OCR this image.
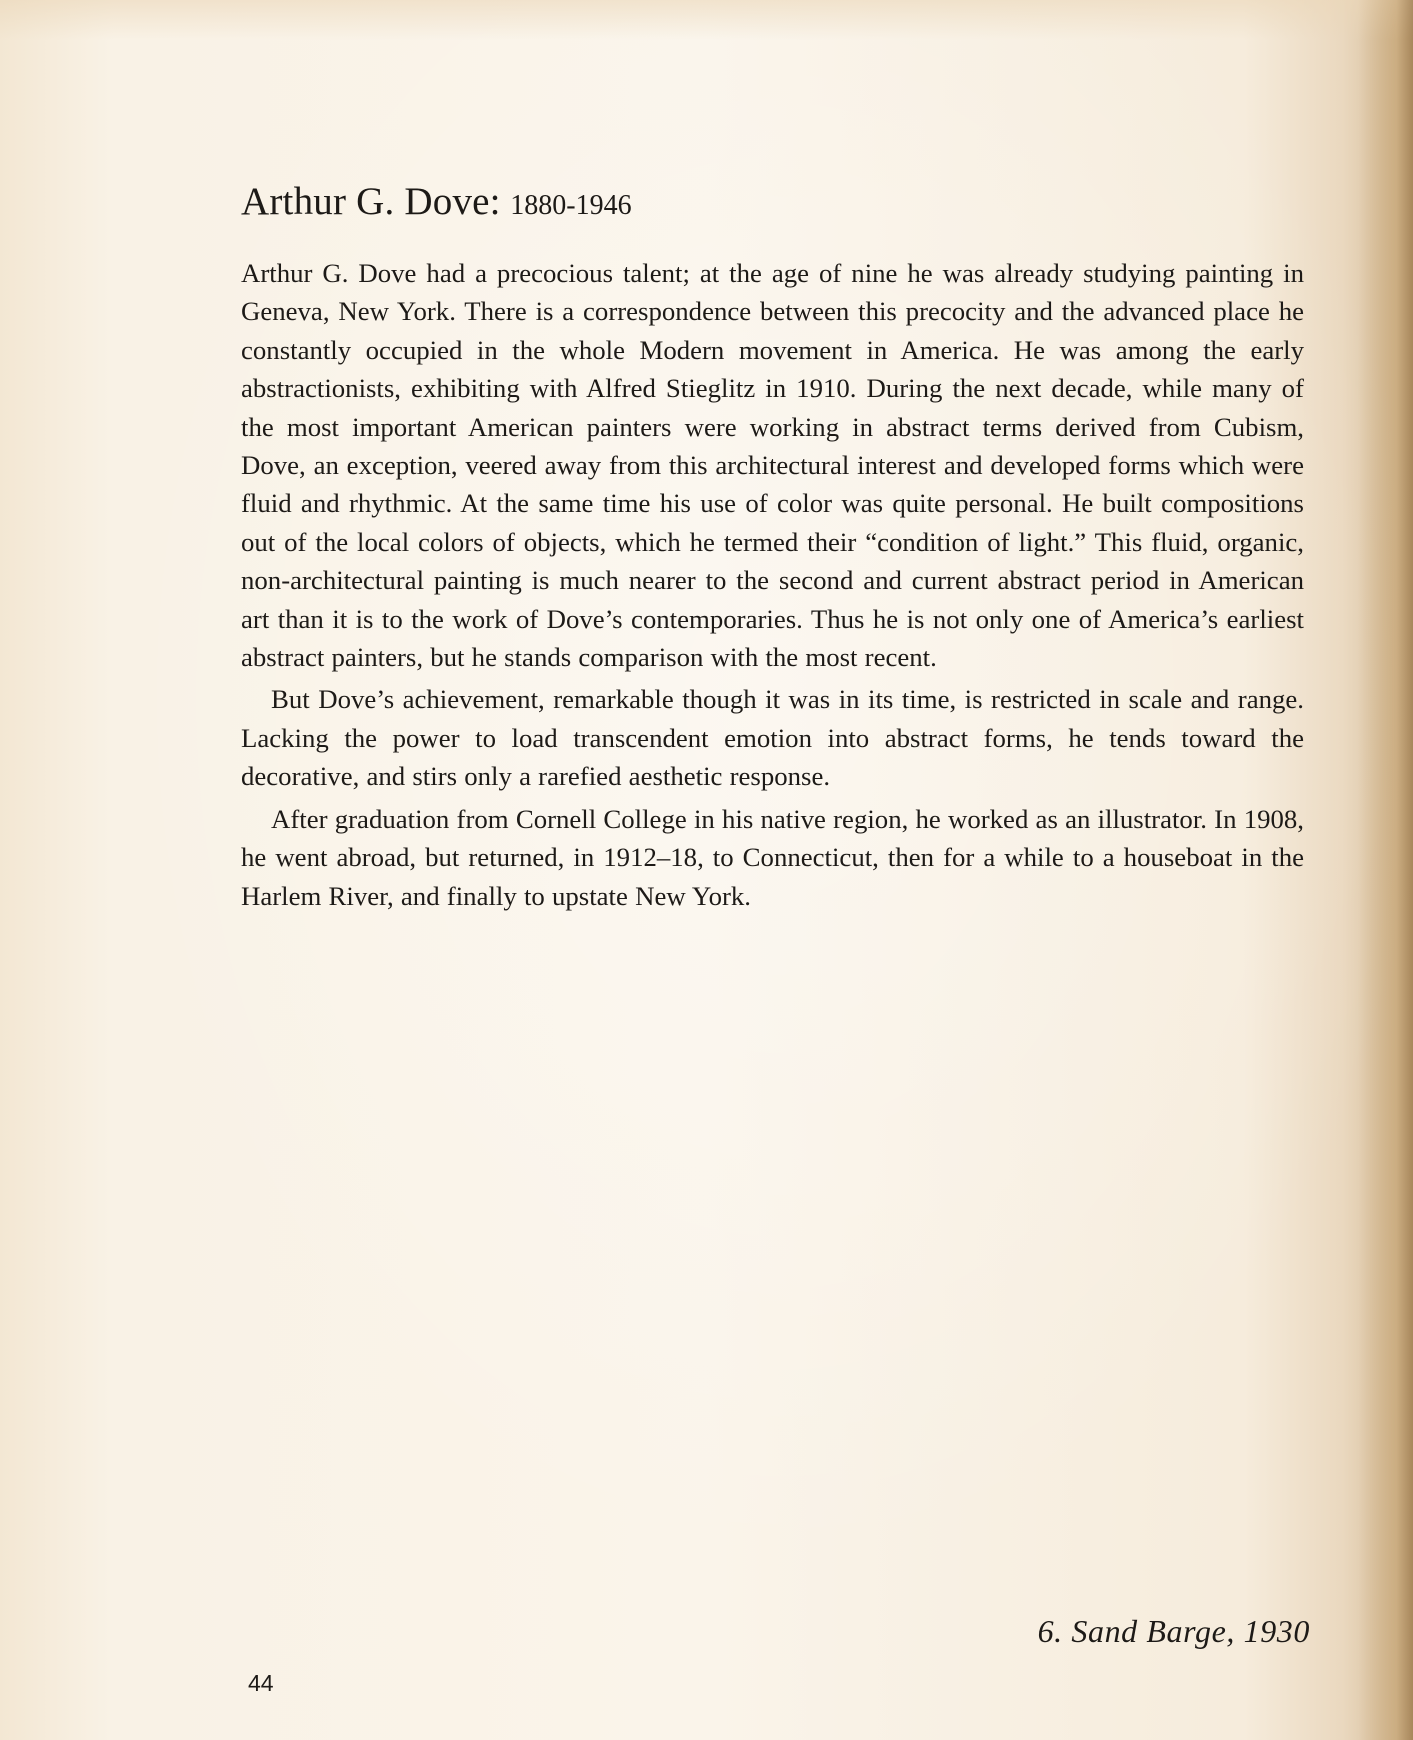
Arthur G. Dove: 1880-1946

Arthur G. Dove had a precocious talent; at the age of nine he was already studying painting in Geneva, New York. There is a correspondence between this precocity and the advanced place he constantly occupied in the whole Modern movement in America. He was among the early abstractionists, exhibiting with Alfred Stieglitz in 1910. During the next decade, while many of the most important American painters were working in abstract terms derived from Cubism, Dove, an exception, veered away from this architectural interest and developed forms which were fluid and rhythmic. At the same time his use of color was quite personal. He built compositions out of the local colors of objects, which he termed their “condition of light.” This fluid, organic, non-architectural painting is much nearer to the second and current abstract period in American art than it is to the work of Dove’s contemporaries. Thus he is not only one of America’s earliest abstract painters, but he stands comparison with the most recent.

But Dove’s achievement, remarkable though it was in its time, is restricted in scale and range. Lacking the power to load transcendent emotion into abstract forms, he tends toward the decorative, and stirs only a rarefied aesthetic response.

After graduation from Cornell College in his native region, he worked as an illustrator. In 1908, he went abroad, but returned, in 1912–18, to Connecticut, then for a while to a houseboat in the Harlem River, and finally to upstate New York.

6. Sand Barge, 1930
44
